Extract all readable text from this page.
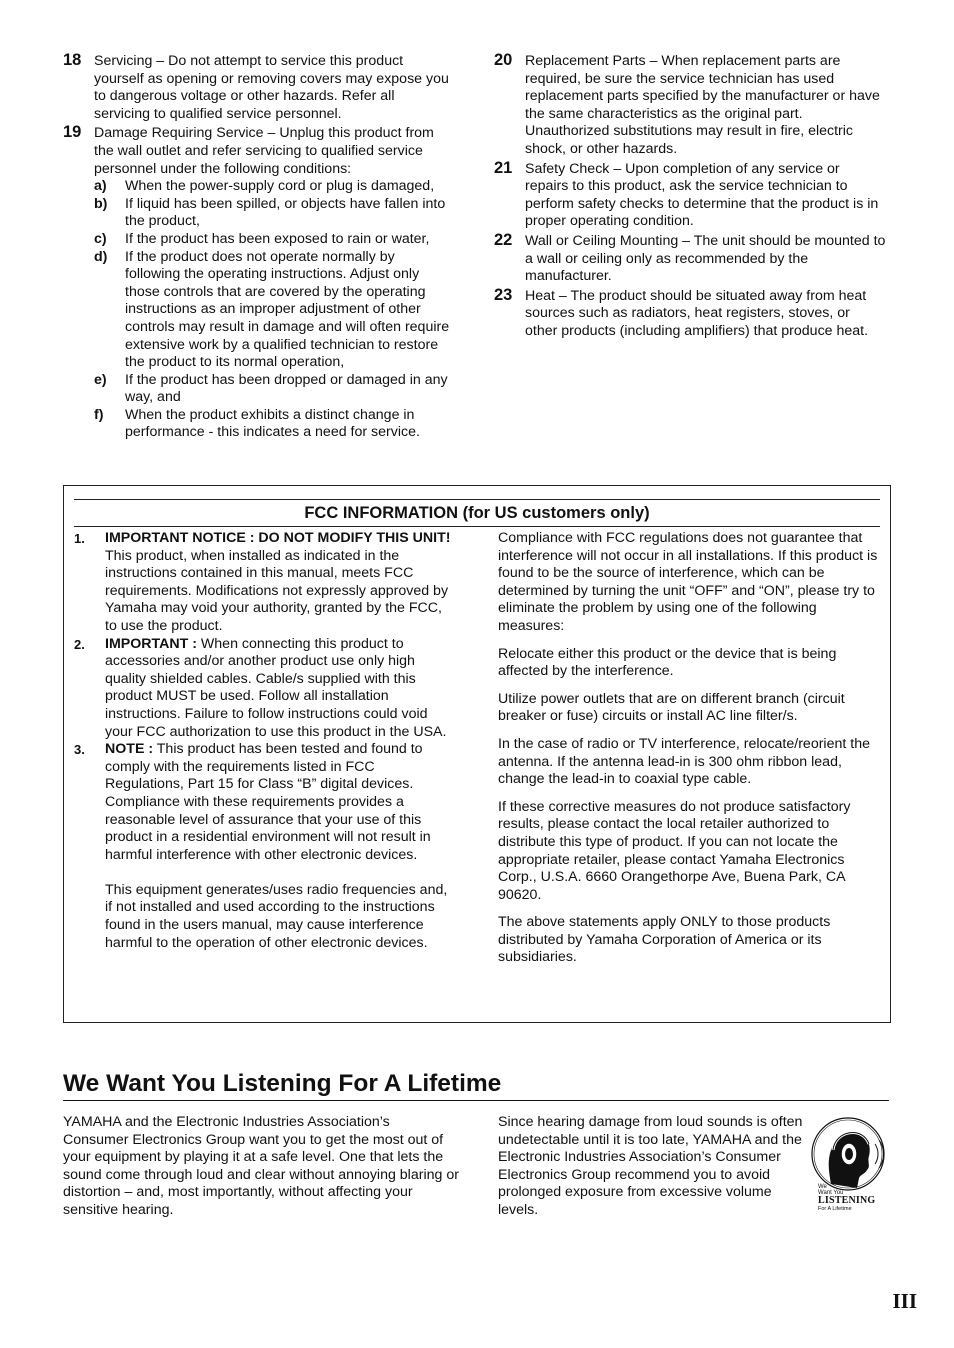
18 Servicing – Do not attempt to service this product yourself as opening or removing covers may expose you to dangerous voltage or other hazards. Refer all servicing to qualified service personnel.
19 Damage Requiring Service – Unplug this product from the wall outlet and refer servicing to qualified service personnel under the following conditions:
a) When the power-supply cord or plug is damaged,
b) If liquid has been spilled, or objects have fallen into the product,
c) If the product has been exposed to rain or water,
d) If the product does not operate normally by following the operating instructions. Adjust only those controls that are covered by the operating instructions as an improper adjustment of other controls may result in damage and will often require extensive work by a qualified technician to restore the product to its normal operation,
e) If the product has been dropped or damaged in any way, and
f) When the product exhibits a distinct change in performance - this indicates a need for service.
20 Replacement Parts – When replacement parts are required, be sure the service technician has used replacement parts specified by the manufacturer or have the same characteristics as the original part. Unauthorized substitutions may result in fire, electric shock, or other hazards.
21 Safety Check – Upon completion of any service or repairs to this product, ask the service technician to perform safety checks to determine that the product is in proper operating condition.
22 Wall or Ceiling Mounting – The unit should be mounted to a wall or ceiling only as recommended by the manufacturer.
23 Heat – The product should be situated away from heat sources such as radiators, heat registers, stoves, or other products (including amplifiers) that produce heat.
FCC INFORMATION (for US customers only)
1. IMPORTANT NOTICE : DO NOT MODIFY THIS UNIT!
This product, when installed as indicated in the instructions contained in this manual, meets FCC requirements. Modifications not expressly approved by Yamaha may void your authority, granted by the FCC, to use the product.
2. IMPORTANT : When connecting this product to accessories and/or another product use only high quality shielded cables. Cable/s supplied with this product MUST be used. Follow all installation instructions. Failure to follow instructions could void your FCC authorization to use this product in the USA.
3. NOTE : This product has been tested and found to comply with the requirements listed in FCC Regulations, Part 15 for Class “B” digital devices. Compliance with these requirements provides a reasonable level of assurance that your use of this product in a residential environment will not result in harmful interference with other electronic devices.
This equipment generates/uses radio frequencies and, if not installed and used according to the instructions found in the users manual, may cause interference harmful to the operation of other electronic devices.

Compliance with FCC regulations does not guarantee that interference will not occur in all installations. If this product is found to be the source of interference, which can be determined by turning the unit “OFF” and “ON”, please try to eliminate the problem by using one of the following measures:

Relocate either this product or the device that is being affected by the interference.

Utilize power outlets that are on different branch (circuit breaker or fuse) circuits or install AC line filter/s.

In the case of radio or TV interference, relocate/reorient the antenna. If the antenna lead-in is 300 ohm ribbon lead, change the lead-in to coaxial type cable.

If these corrective measures do not produce satisfactory results, please contact the local retailer authorized to distribute this type of product. If you can not locate the appropriate retailer, please contact Yamaha Electronics Corp., U.S.A. 6660 Orangethorpe Ave, Buena Park, CA 90620.

The above statements apply ONLY to those products distributed by Yamaha Corporation of America or its subsidiaries.

We Want You Listening For A Lifetime
YAMAHA and the Electronic Industries Association’s Consumer Electronics Group want you to get the most out of your equipment by playing it at a safe level. One that lets the sound come through loud and clear without annoying blaring or distortion – and, most importantly, without affecting your sensitive hearing.
Since hearing damage from loud sounds is often undetectable until it is too late, YAMAHA and the Electronic Industries Association’s Consumer Electronics Group recommend you to avoid prolonged exposure from excessive volume levels.
We
Want You
LISTENING
For A Lifetime
III
